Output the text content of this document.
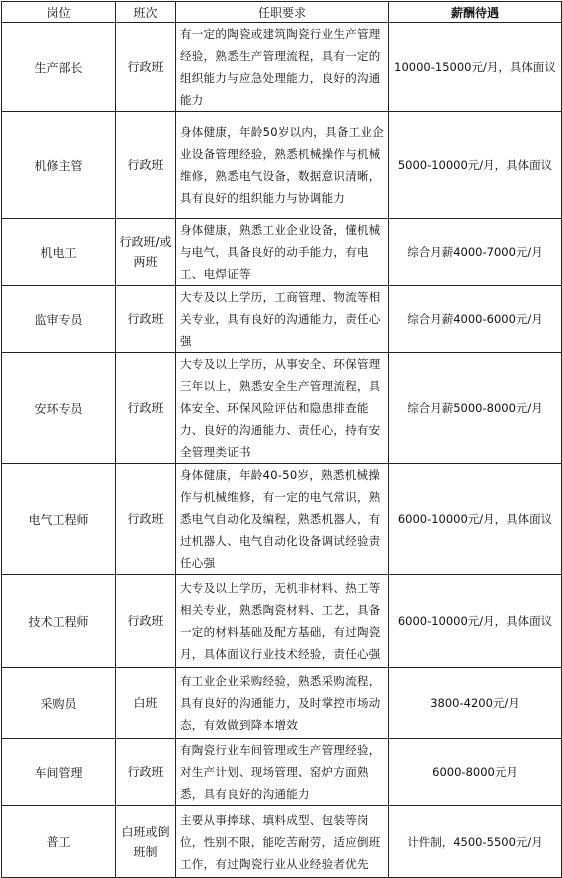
岗位	班次	任职要求	薪酬待遇
生产部长	行政班	有一定的陶瓷或建筑陶瓷行业生产管理经验，熟悉生产管理流程，具有一定的组织能力与应急处理能力，良好的沟通能力	10000-15000元/月，具体面议
机修主管	行政班	身体健康，年龄50岁以内，具备工业企业设备管理经验，熟悉机械操作与机械维修，熟悉电气设备，数据意识清晰，具有良好的组织能力与协调能力	5000-10000元/月，具体面议
机电工	行政班/或两班	身体健康，熟悉工业企业设备，懂机械与电气，具备良好的动手能力，有电工、电焊证等	综合月薪4000-7000元/月
监审专员	行政班	大专及以上学历，工商管理、物流等相关专业，具有良好的沟通能力，责任心强	综合月薪4000-6000元/月
安环专员	行政班	大专及以上学历，从事安全、环保管理三年以上，熟悉安全生产管理流程，具体安全、环保风险评估和隐患排查能力、良好的沟通能力、责任心，持有安全管理类证书	综合月薪5000-8000元/月
电气工程师	行政班	身体健康，年龄40-50岁，熟悉机械操作与机械维修，有一定的电气常识，熟悉电气自动化及编程，熟悉机器人，有过机器人、电气自动化设备调试经验责任心强	6000-10000元/月，具体面议
技术工程师	行政班	大专及以上学历，无机非材料、热工等相关专业，熟悉陶瓷材料、工艺，具备一定的材料基础及配方基础，有过陶瓷月，具体面议行业技术经验，责任心强	6000-10000元/月，具体面议
采购员	白班	有工业企业采购经验，熟悉采购流程，具有良好的沟通能力，及时掌控市场动态，有效做到降本增效	3800-4200元/月
车间管理	行政班	有陶瓷行业车间管理或生产管理经验，对生产计划、现场管理、窑炉方面熟悉，具有良好的沟通能力	6000-8000元月
普工	白班或倒班制	主要从事捧球、填料成型、包装等岗位，性别不限，能吃苦耐劳，适应倒班工作，有过陶瓷行业从业经验者优先	计件制，4500-5500元/月
